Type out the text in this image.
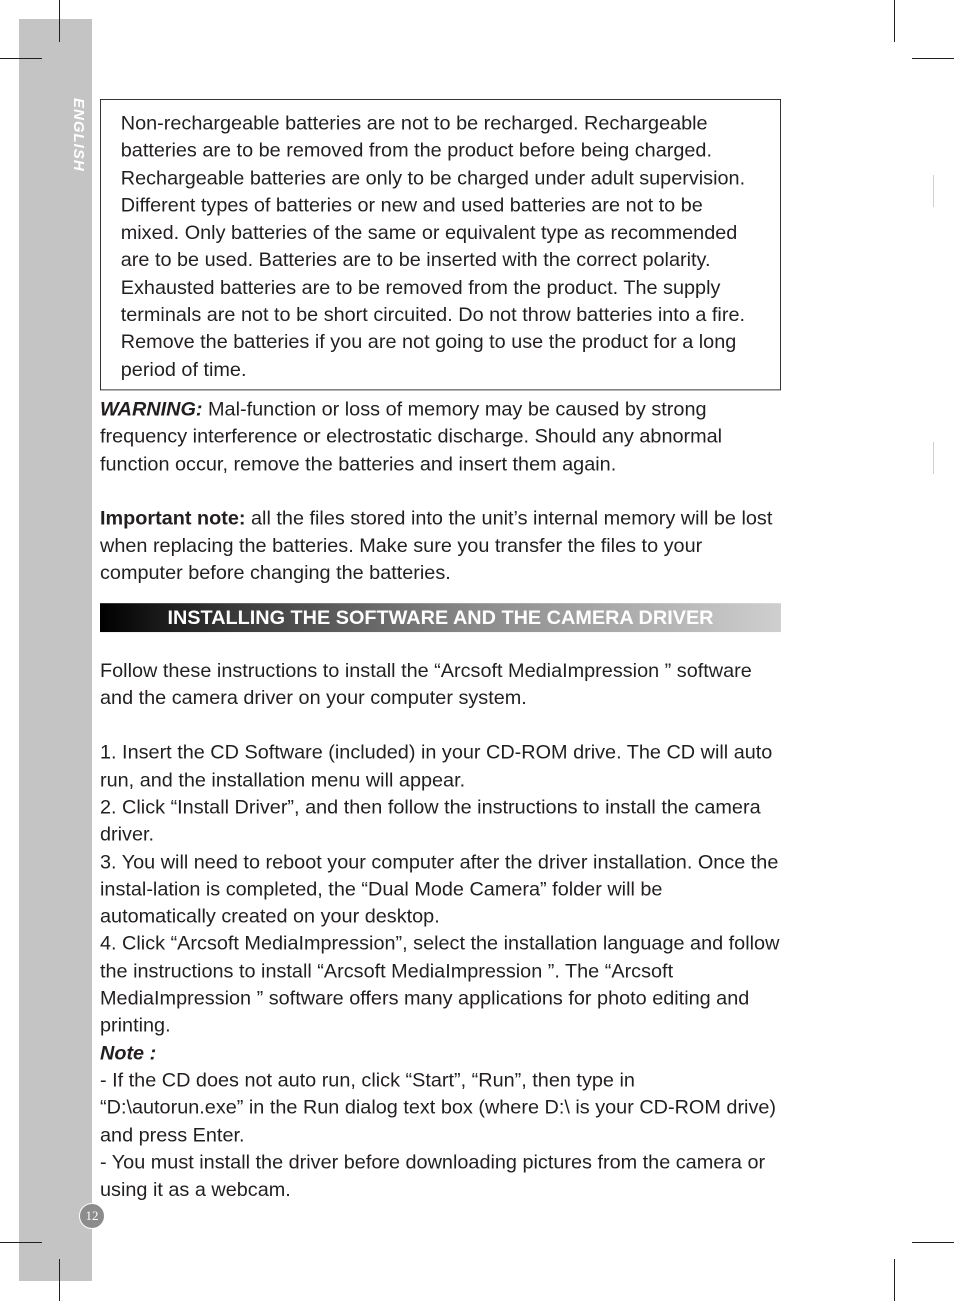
ENGLISH Non-rechargeable batteries are not to be recharged. Rechargeable batteries are to be removed from the product before being charged. Rechargeable batteries are only to be charged under adult supervision. Different types of batteries or new and used batteries are not to be mixed. Only batteries of the same or equivalent type as recommended are to be used. Batteries are to be inserted with the correct polarity. Exhausted batteries are to be removed from the product. The supply terminals are not to be short circuited. Do not throw batteries into a fire. Remove the batteries if you are not going to use the product for a long period of time.

WARNING: Mal-function or loss of memory may be caused by strong frequency interference or electrostatic discharge. Should any abnormal function occur, remove the batteries and insert them again.

Important note: all the files stored into the unit’s internal memory will be lost when replacing the batteries. Make sure you transfer the files to your computer before changing the batteries.

INSTALLING THE SOFTWARE AND THE CAMERA DRIVER

Follow these instructions to install the “Arcsoft MediaImpression ” software and the camera driver on your computer system.

1. Insert the CD Software (included) in your CD-ROM drive. The CD will auto run, and the installation menu will appear.

2. Click “Install Driver”, and then follow the instructions to install the camera driver.

3. You will need to reboot your computer after the driver installation. Once the instal-lation is completed, the “Dual Mode Camera” folder will be automatically created on your desktop.

4. Click “Arcsoft MediaImpression”, select the installation language and follow the instructions to install “Arcsoft MediaImpression ”. The “Arcsoft MediaImpression ” software offers many applications for photo editing and printing.

Note :

- If the CD does not auto run, click “Start”, “Run”, then type in “D:\autorun.exe” in the Run dialog text box (where D:\ is your CD-ROM drive) and press Enter.

- You must install the driver before downloading pictures from the camera or using it as a webcam.

12
